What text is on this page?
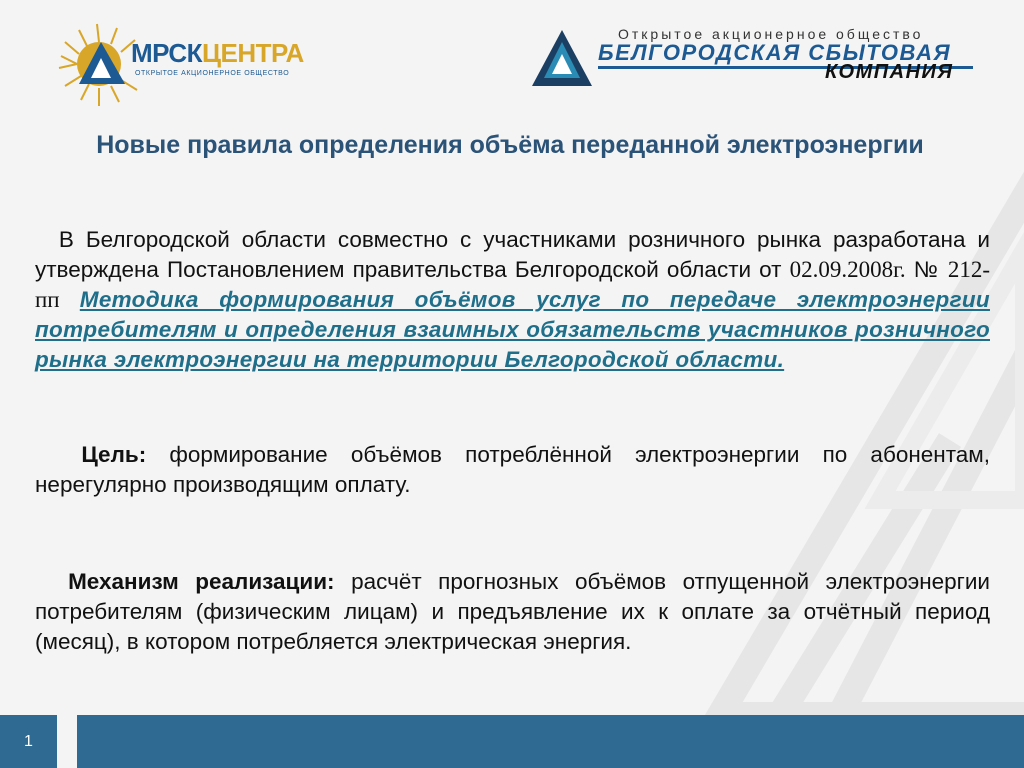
МРСКЦЕНТРА
ОТКРЫТОЕ АКЦИОНЕРНОЕ ОБЩЕСТВО
Открытое акционерное общество
БЕЛГОРОДСКАЯ СБЫТОВАЯ
КОМПАНИЯ
Новые правила определения объёма переданной электроэнергии

В Белгородской области совместно с участниками розничного рынка разработана и утверждена Постановлением правительства Белгородской области от 02.09.2008г. № 212-пп Методика формирования объёмов услуг по передаче электроэнергии потребителям и определения взаимных обязательств участников розничного рынка электроэнергии на территории Белгородской области.

Цель: формирование объёмов потреблённой электроэнергии по абонентам, нерегулярно производящим оплату.

Механизм реализации: расчёт прогнозных объёмов отпущенной электроэнергии потребителям (физическим лицам) и предъявление их к оплате за отчётный период (месяц), в котором потребляется электрическая энергия.

1
